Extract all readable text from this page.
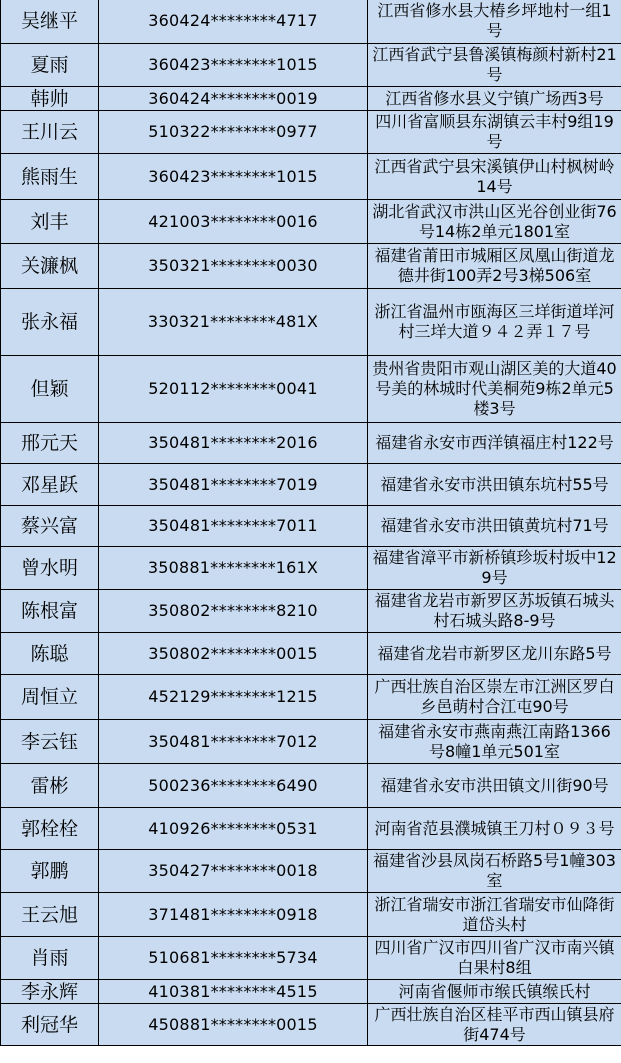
吴继平	360424********4717	江西省修水县大椿乡坪地村一组1号
夏雨	360423********1015	江西省武宁县鲁溪镇梅颜村新村21号
韩帅	360424********0019	江西省修水县义宁镇广场西3号
王川云	510322********0977	四川省富顺县东湖镇云丰村9组19号
熊雨生	360423********1015	江西省武宁县宋溪镇伊山村枫树岭14号
刘丰	421003********0016	湖北省武汉市洪山区光谷创业街76号14栋2单元1801室
关濂枫	350321********0030	福建省莆田市城厢区凤凰山街道龙德井街100弄2号3梯506室
张永福	330321********481X	浙江省温州市瓯海区三垟街道垟河村三垟大道９４２弄１７号
但颖	520112********0041	贵州省贵阳市观山湖区美的大道40号美的林城时代美桐苑9栋2单元5楼3号
邢元天	350481********2016	福建省永安市西洋镇福庄村122号
邓星跃	350481********7019	福建省永安市洪田镇东坑村55号
蔡兴富	350481********7011	福建省永安市洪田镇黄坑村71号
曾水明	350881********161X	福建省漳平市新桥镇珍坂村坂中129号
陈根富	350802********8210	福建省龙岩市新罗区苏坂镇石城头村石城头路8-9号
陈聪	350802********0015	福建省龙岩市新罗区龙川东路5号
周恒立	452129********1215	广西壮族自治区崇左市江洲区罗白乡邑萌村合江屯90号
李云钰	350481********7012	福建省永安市燕南燕江南路1366号8幢1单元501室
雷彬	500236********6490	福建省永安市洪田镇文川街90号
郭栓栓	410926********0531	河南省范县濮城镇王刀村０９３号
郭鹏	350427********0018	福建省沙县凤岗石桥路5号1幢303室
王云旭	371481********0918	浙江省瑞安市浙江省瑞安市仙降街道岱头村
肖雨	510681********5734	四川省广汉市四川省广汉市南兴镇白果村8组
李永辉	410381********4515	河南省偃师市缑氏镇缑氏村
利冠华	450881********0015	广西壮族自治区桂平市西山镇县府街474号
